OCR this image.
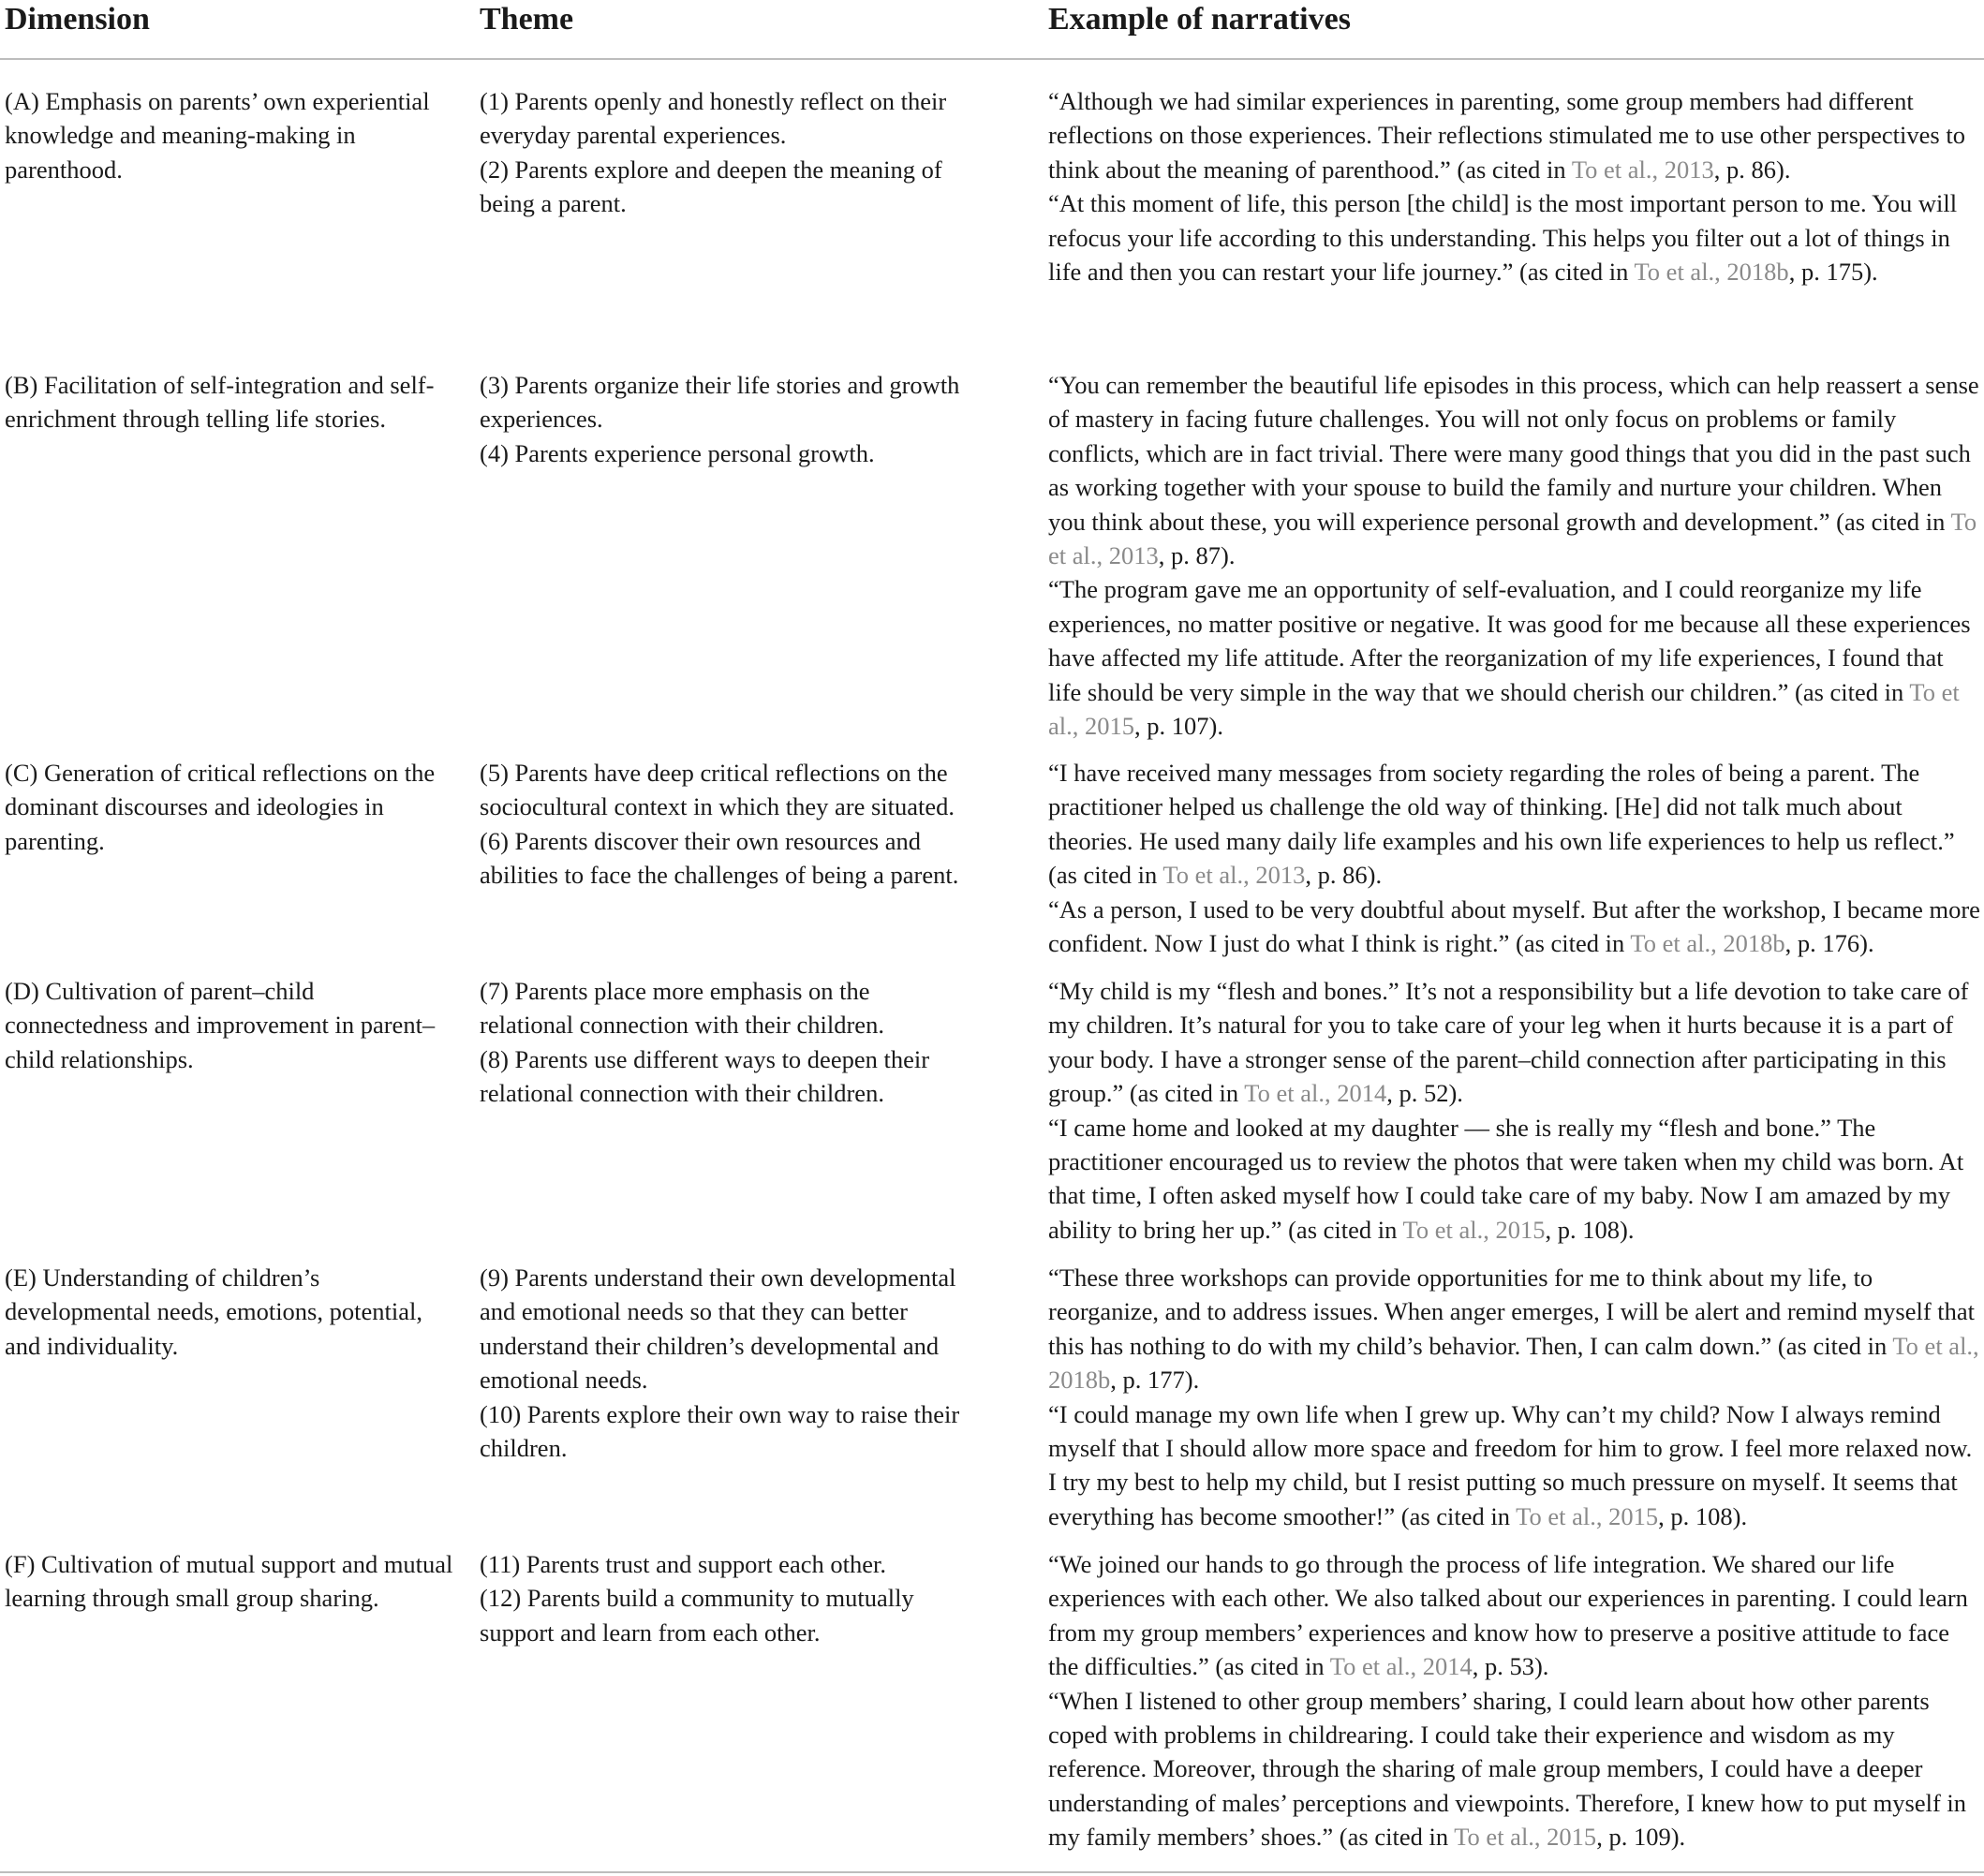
Dimension	Theme	Example of narratives

(A) Emphasis on parents’ own experiential knowledge and meaning-making in parenthood.

(1) Parents openly and honestly reflect on their everyday parental experiences.

(2) Parents explore and deepen the meaning of being a parent.

“Although we had similar experiences in parenting, some group members had different reflections on those experiences. Their reflections stimulated me to use other perspectives to think about the meaning of parenthood.” (as cited in To et al., 2013, p. 86).

“At this moment of life, this person [the child] is the most important person to me. You will refocus your life according to this understanding. This helps you filter out a lot of things in life and then you can restart your life journey.” (as cited in To et al., 2018b, p. 175).

(B) Facilitation of self-integration and self-enrichment through telling life stories.

(3) Parents organize their life stories and growth experiences.

(4) Parents experience personal growth.

“You can remember the beautiful life episodes in this process, which can help reassert a sense of mastery in facing future challenges. You will not only focus on problems or family conflicts, which are in fact trivial. There were many good things that you did in the past such as working together with your spouse to build the family and nurture your children. When you think about these, you will experience personal growth and development.” (as cited in To et al., 2013, p. 87).

“The program gave me an opportunity of self-evaluation, and I could reorganize my life experiences, no matter positive or negative. It was good for me because all these experiences have affected my life attitude. After the reorganization of my life experiences, I found that life should be very simple in the way that we should cherish our children.” (as cited in To et al., 2015, p. 107).

(C) Generation of critical reflections on the dominant discourses and ideologies in parenting.

(5) Parents have deep critical reflections on the sociocultural context in which they are situated.

(6) Parents discover their own resources and abilities to face the challenges of being a parent.

“I have received many messages from society regarding the roles of being a parent. The practitioner helped us challenge the old way of thinking. [He] did not talk much about theories. He used many daily life examples and his own life experiences to help us reflect.” (as cited in To et al., 2013, p. 86).

“As a person, I used to be very doubtful about myself. But after the workshop, I became more confident. Now I just do what I think is right.” (as cited in To et al., 2018b, p. 176).

(D) Cultivation of parent–child connectedness and improvement in parent–child relationships.

(7) Parents place more emphasis on the relational connection with their children.

(8) Parents use different ways to deepen their relational connection with their children.

“My child is my “flesh and bones.” It’s not a responsibility but a life devotion to take care of my children. It’s natural for you to take care of your leg when it hurts because it is a part of your body. I have a stronger sense of the parent–child connection after participating in this group.” (as cited in To et al., 2014, p. 52).

“I came home and looked at my daughter — she is really my “flesh and bone.” The practitioner encouraged us to review the photos that were taken when my child was born. At that time, I often asked myself how I could take care of my baby. Now I am amazed by my ability to bring her up.” (as cited in To et al., 2015, p. 108).

(E) Understanding of children’s developmental needs, emotions, potential, and individuality.

(9) Parents understand their own developmental and emotional needs so that they can better understand their children’s developmental and emotional needs.

(10) Parents explore their own way to raise their children.

“These three workshops can provide opportunities for me to think about my life, to reorganize, and to address issues. When anger emerges, I will be alert and remind myself that this has nothing to do with my child’s behavior. Then, I can calm down.” (as cited in To et al., 2018b, p. 177).

“I could manage my own life when I grew up. Why can’t my child? Now I always remind myself that I should allow more space and freedom for him to grow. I feel more relaxed now. I try my best to help my child, but I resist putting so much pressure on myself. It seems that everything has become smoother!” (as cited in To et al., 2015, p. 108).

(F) Cultivation of mutual support and mutual learning through small group sharing.

(11) Parents trust and support each other.

(12) Parents build a community to mutually support and learn from each other.

“We joined our hands to go through the process of life integration. We shared our life experiences with each other. We also talked about our experiences in parenting. I could learn from my group members’ experiences and know how to preserve a positive attitude to face the difficulties.” (as cited in To et al., 2014, p. 53).

“When I listened to other group members’ sharing, I could learn about how other parents coped with problems in childrearing. I could take their experience and wisdom as my reference. Moreover, through the sharing of male group members, I could have a deeper understanding of males’ perceptions and viewpoints. Therefore, I knew how to put myself in my family members’ shoes.” (as cited in To et al., 2015, p. 109).
